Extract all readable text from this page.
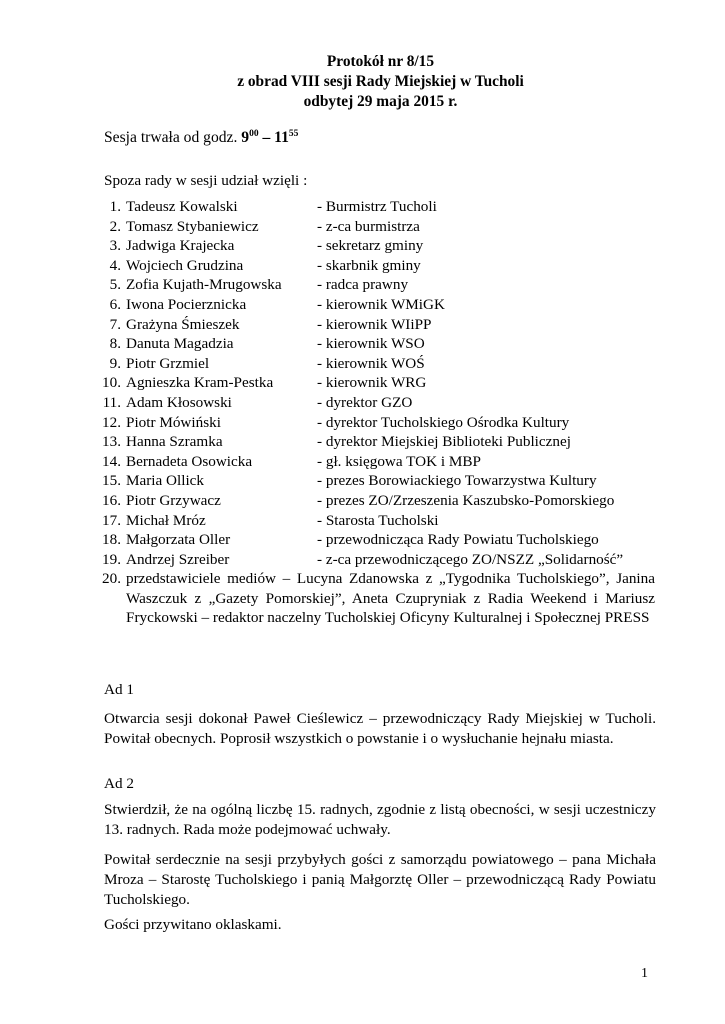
Protokół nr 8/15
z obrad VIII sesji Rady Miejskiej w Tucholi
odbytej 29 maja 2015 r.
Sesja trwała od godz. $9^{00} - 11^{55}$
Spoza rady w sesji udział wzięli :
1. Tadeusz Kowalski	- Burmistrz Tucholi
2. Tomasz Stybaniewicz	- z-ca burmistrza
3. Jadwiga Krajecka	- sekretarz gminy
4. Wojciech Grudzina	- skarbnik gminy
5. Zofia Kujath-Mrugowska - radca prawny
6. Iwona Pocierznicka	- kierownik WMiGK
7. Grażyna Śmieszek	- kierownik WIiPP
8. Danuta Magadzia	- kierownik WSO
9. Piotr Grzmiel	- kierownik WOŚ
10. Agnieszka Kram-Pestka	- kierownik WRG
11. Adam Kłosowski	- dyrektor GZO
12. Piotr Mówiński	- dyrektor Tucholskiego Ośrodka Kultury
13. Hanna Szramka	- dyrektor Miejskiej Biblioteki Publicznej
14. Bernadeta Osowicka	- gł. księgowa TOK i MBP
15. Maria Ollick	- prezes Borowiackiego Towarzystwa Kultury
16. Piotr Grzywacz	- prezes ZO/Zrzeszenia Kaszubsko-Pomorskiego
17. Michał Mróz	- Starosta Tucholski
18. Małgorzata Oller	- przewodnicząca Rady Powiatu Tucholskiego
19. Andrzej Szreiber	- z-ca przewodniczącego ZO/NSZZ „Solidarność”
20. przedstawiciele mediów – Lucyna Zdanowska z „Tygodnika Tucholskiego”, Janina Waszczuk z „Gazety Pomorskiej”, Aneta Czupryniak z Radia Weekend i Mariusz Fryckowski – redaktor naczelny Tucholskiej Oficyny Kulturalnej i Społecznej PRESS
Ad 1
Otwarcia sesji dokonał Paweł Cieślewicz – przewodniczący Rady Miejskiej w Tucholi. Powitał obecnych. Poprosił wszystkich o powstanie i o wysłuchanie hejnału miasta.
Ad 2
Stwierdził, że na ogólną liczbę 15. radnych, zgodnie z listą obecności, w sesji uczestniczy 13. radnych. Rada może podejmować uchwały.
Powitał serdecznie na sesji przybyłych gości z samorządu powiatowego – pana Michała Mroza – Starostę Tucholskiego i panią Małgorztę Oller – przewodniczącą Rady Powiatu Tucholskiego.
Gości przywitano oklaskami.
1
